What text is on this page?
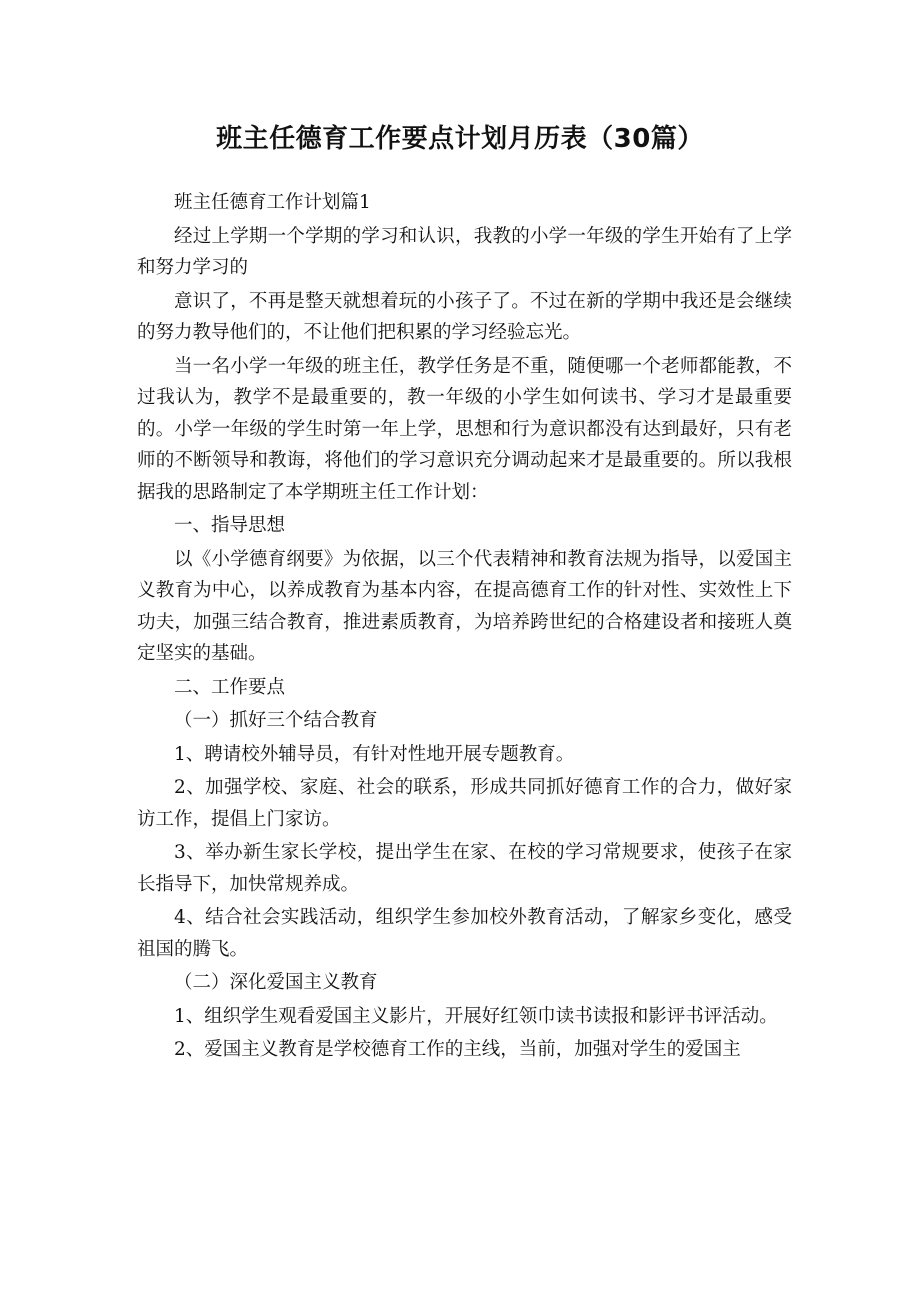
班主任德育工作要点计划月历表（30篇）

班主任德育工作计划篇1

经过上学期一个学期的学习和认识，我教的小学一年级的学生开始有了上学和努力学习的

意识了，不再是整天就想着玩的小孩子了。不过在新的学期中我还是会继续的努力教导他们的，不让他们把积累的学习经验忘光。

当一名小学一年级的班主任，教学任务是不重，随便哪一个老师都能教，不过我认为，教学不是最重要的，教一年级的小学生如何读书、学习才是最重要的。小学一年级的学生时第一年上学，思想和行为意识都没有达到最好，只有老师的不断领导和教诲，将他们的学习意识充分调动起来才是最重要的。所以我根据我的思路制定了本学期班主任工作计划：

一、指导思想

以《小学德育纲要》为依据，以三个代表精神和教育法规为指导，以爱国主义教育为中心，以养成教育为基本内容，在提高德育工作的针对性、实效性上下功夫，加强三结合教育，推进素质教育，为培养跨世纪的合格建设者和接班人奠定坚实的基础。

二、工作要点

（一）抓好三个结合教育

1、聘请校外辅导员，有针对性地开展专题教育。

2、加强学校、家庭、社会的联系，形成共同抓好德育工作的合力，做好家访工作，提倡上门家访。

3、举办新生家长学校，提出学生在家、在校的学习常规要求，使孩子在家长指导下，加快常规养成。

4、结合社会实践活动，组织学生参加校外教育活动，了解家乡变化，感受祖国的腾飞。

（二）深化爱国主义教育

1、组织学生观看爱国主义影片，开展好红领巾读书读报和影评书评活动。

2、爱国主义教育是学校德育工作的主线，当前，加强对学生的爱国主
